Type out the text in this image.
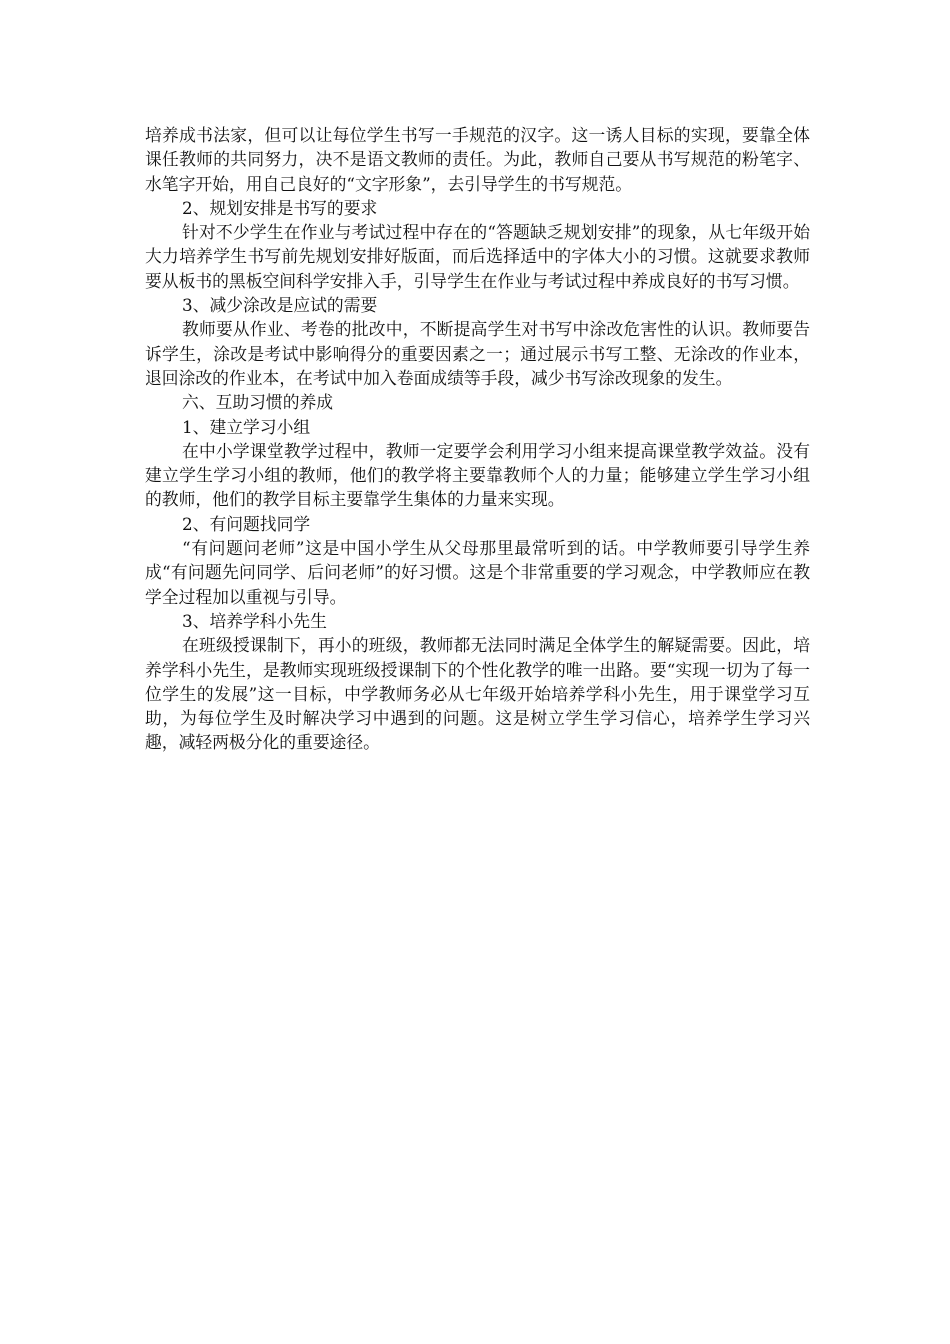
培养成书法家，但可以让每位学生书写一手规范的汉字。这一诱人目标的实现，要靠全体课任教师的共同努力，决不是语文教师的责任。为此，教师自己要从书写规范的粉笔字、水笔字开始，用自己良好的“文字形象”，去引导学生的书写规范。

2、规划安排是书写的要求

针对不少学生在作业与考试过程中存在的“答题缺乏规划安排”的现象，从七年级开始大力培养学生书写前先规划安排好版面，而后选择适中的字体大小的习惯。这就要求教师要从板书的黑板空间科学安排入手，引导学生在作业与考试过程中养成良好的书写习惯。

3、减少涂改是应试的需要

教师要从作业、考卷的批改中，不断提高学生对书写中涂改危害性的认识。教师要告诉学生，涂改是考试中影响得分的重要因素之一；通过展示书写工整、无涂改的作业本，退回涂改的作业本，在考试中加入卷面成绩等手段，减少书写涂改现象的发生。

六、互助习惯的养成

1、建立学习小组

在中小学课堂教学过程中，教师一定要学会利用学习小组来提高课堂教学效益。没有建立学生学习小组的教师，他们的教学将主要靠教师个人的力量；能够建立学生学习小组的教师，他们的教学目标主要靠学生集体的力量来实现。

2、有问题找同学

“有问题问老师”这是中国小学生从父母那里最常听到的话。中学教师要引导学生养成“有问题先问同学、后问老师”的好习惯。这是个非常重要的学习观念，中学教师应在教学全过程加以重视与引导。

3、培养学科小先生

在班级授课制下，再小的班级，教师都无法同时满足全体学生的解疑需要。因此，培养学科小先生，是教师实现班级授课制下的个性化教学的唯一出路。要“实现一切为了每一位学生的发展”这一目标，中学教师务必从七年级开始培养学科小先生，用于课堂学习互助，为每位学生及时解决学习中遇到的问题。这是树立学生学习信心，培养学生学习兴趣，减轻两极分化的重要途径。
